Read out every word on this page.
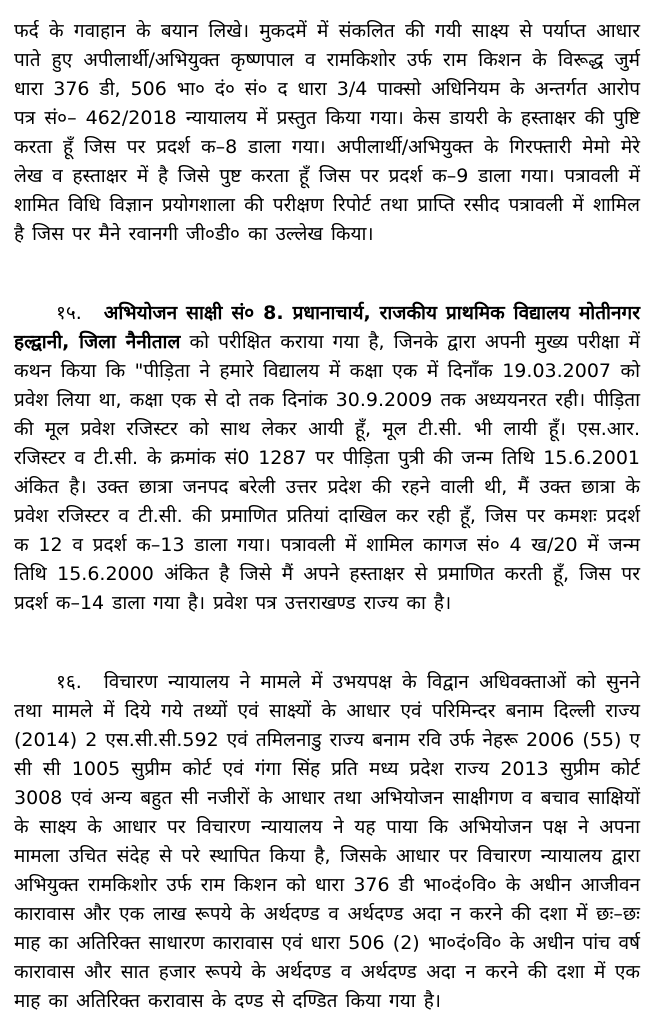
फर्द के गवाहान के बयान लिखे। मुकदमें में संकलित की गयी साक्ष्य से पर्याप्त आधार पाते हुए अपीलार्थी/अभियुक्त कृष्णपाल व रामकिशोर उर्फ राम किशन के विरूद्ध जुर्म धारा 376 डी, 506 भा० दं० सं० द धारा 3/4 पाक्सो अधिनियम के अन्तर्गत आरोप पत्र सं०– 462/2018 न्यायालय में प्रस्तुत किया गया। केस डायरी के हस्ताक्षर की पुष्टि करता हूँ जिस पर प्रदर्श क–8 डाला गया। अपीलार्थी/अभियुक्त के गिरफ्तारी मेमो मेरे लेख व हस्ताक्षर में है जिसे पुष्ट करता हूँ जिस पर प्रदर्श क–9 डाला गया। पत्रावली में शामित विधि विज्ञान प्रयोगशाला की परीक्षण रिपोर्ट तथा प्राप्ति रसीद पत्रावली में शामिल है जिस पर मैने रवानगी जी०डी० का उल्लेख किया।

१५. अभियोजन साक्षी सं० 8. प्रधानाचार्य, राजकीय प्राथमिक विद्यालय मोतीनगर हल्द्वानी, जिला नैनीताल को परीक्षित कराया गया है, जिनके द्वारा अपनी मुख्य परीक्षा में कथन किया कि "पीड़िता ने हमारे विद्यालय में कक्षा एक में दिनाँक 19.03.2007 को प्रवेश लिया था, कक्षा एक से दो तक दिनांक 30.9.2009 तक अध्ययनरत रही। पीड़िता की मूल प्रवेश रजिस्टर को साथ लेकर आयी हूँ, मूल टी.सी. भी लायी हूँ। एस.आर. रजिस्टर व टी.सी. के क्रमांक सं0 1287 पर पीड़िता पुत्री की जन्म तिथि 15.6.2001 अंकित है। उक्त छात्रा जनपद बरेली उत्तर प्रदेश की रहने वाली थी, मैं उक्त छात्रा के प्रवेश रजिस्टर व टी.सी. की प्रमाणित प्रतियां दाखिल कर रही हूँ, जिस पर कमशः प्रदर्श क 12 व प्रदर्श क–13 डाला गया। पत्रावली में शामिल कागज सं० 4 ख/20 में जन्म तिथि 15.6.2000 अंकित है जिसे मैं अपने हस्ताक्षर से प्रमाणित करती हूँ, जिस पर प्रदर्श क–14 डाला गया है। प्रवेश पत्र उत्तराखण्ड राज्य का है।

१६. विचारण न्यायालय ने मामले में उभयपक्ष के विद्वान अधिवक्ताओं को सुनने तथा मामले में दिये गये तथ्यों एवं साक्ष्यों के आधार एवं परिमिन्दर बनाम दिल्ली राज्य (2014) 2 एस.सी.सी.592 एवं तमिलनाडु राज्य बनाम रवि उर्फ नेहरू 2006 (55) ए सी सी 1005 सुप्रीम कोर्ट एवं गंगा सिंह प्रति मध्य प्रदेश राज्य 2013 सुप्रीम कोर्ट 3008 एवं अन्य बहुत सी नजीरों के आधार तथा अभियोजन साक्षीगण व बचाव साक्षियों के साक्ष्य के आधार पर विचारण न्यायालय ने यह पाया कि अभियोजन पक्ष ने अपना मामला उचित संदेह से परे स्थापित किया है, जिसके आधार पर विचारण न्यायालय द्वारा अभियुक्त रामकिशोर उर्फ राम किशन को धारा 376 डी भा०दं०वि० के अधीन आजीवन कारावास और एक लाख रूपये के अर्थदण्ड व अर्थदण्ड अदा न करने की दशा में छः–छः माह का अतिरिक्त साधारण कारावास एवं धारा 506 (2) भा०दं०वि० के अधीन पांच वर्ष कारावास और सात हजार रूपये के अर्थदण्ड व अर्थदण्ड अदा न करने की दशा में एक माह का अतिरिक्त करावास के दण्ड से दण्डित किया गया है।
